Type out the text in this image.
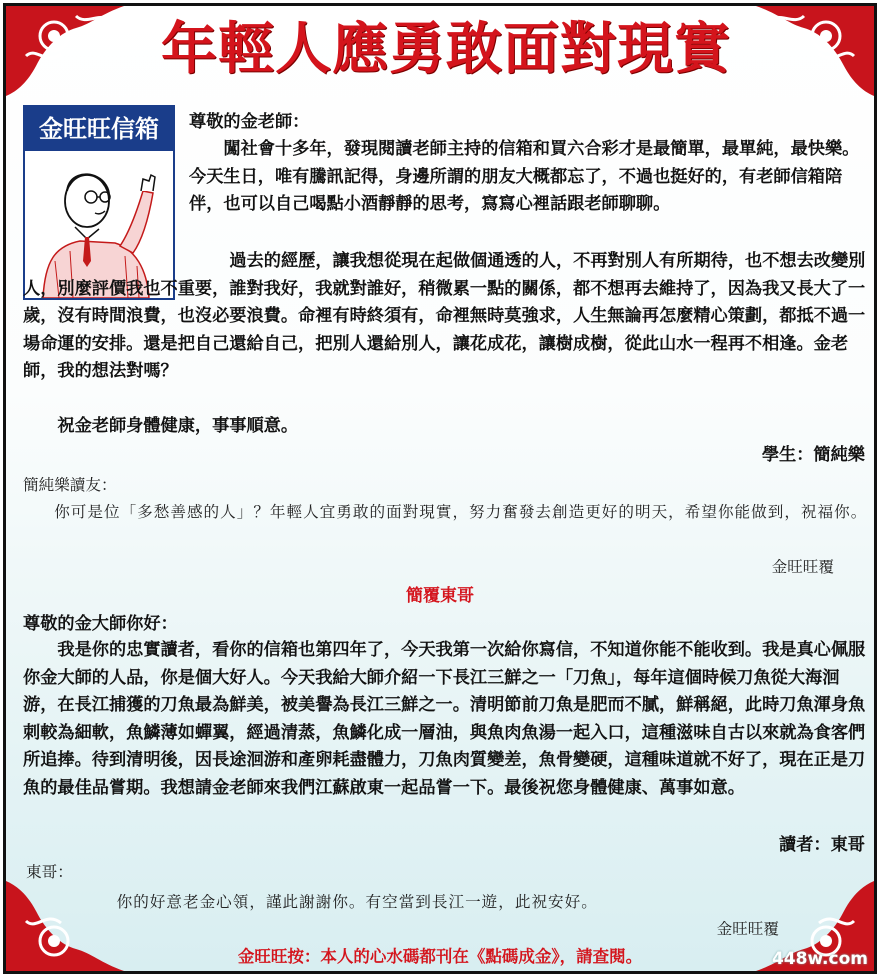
年輕人應勇敢面對現實
金旺旺信箱	尊敬的金老師：

闖社會十多年，發現閱讀老師主持的信箱和買六合彩才是最簡單，最單純，最快樂。今天生日，唯有騰訊記得，身邊所謂的朋友大概都忘了，不過也挺好的，有老師信箱陪伴，也可以自己喝點小酒靜靜的思考，寫寫心裡話跟老師聊聊。

過去的經歷，讓我想從現在起做個通透的人，不再對別人有所期待，也不想去改變別人，別麼評價我也不重要，誰對我好，我就對誰好，稍微累一點的關係，都不想再去維持了，因為我又長大了一歲，沒有時間浪費，也沒必要浪費。命裡有時終須有，命裡無時莫強求，人生無論再怎麼精心策劃，都抵不過一場命運的安排。還是把自己還給自己，把別人還給別人，讓花成花，讓樹成樹，從此山水一程再不相逢。金老師，我的想法對嗎？

祝金老師身體健康，事事順意。

學生：簡純樂
簡純樂讀友：

你可是位「多愁善感的人」？年輕人宜勇敢的面對現實，努力奮發去創造更好的明天，希望你能做到，祝福你。

金旺旺覆
簡覆東哥
尊敬的金大師你好：

我是你的忠實讀者，看你的信箱也第四年了，今天我第一次給你寫信，不知道你能不能收到。我是真心佩服你金大師的人品，你是個大好人。今天我給大師介紹一下長江三鮮之一「刀魚」，每年這個時候刀魚從大海洄游，在長江捕獲的刀魚最為鮮美，被美譽為長江三鮮之一。清明節前刀魚是肥而不膩，鮮稱絕，此時刀魚渾身魚刺較為細軟，魚鱗薄如蟬翼，經過清蒸，魚鱗化成一層油，與魚肉魚湯一起入口，這種滋味自古以來就為食客們所追捧。待到清明後，因長途洄游和產卵耗盡體力，刀魚肉質變差，魚骨變硬，這種味道就不好了，現在正是刀魚的最佳品嘗期。我想請金老師來我們江蘇啟東一起品嘗一下。最後祝您身體健康、萬事如意。

讀者：東哥
東哥：

你的好意老金心領，謹此謝謝你。有空當到長江一遊，此祝安好。

金旺旺覆
金旺旺按：本人的心水碼都刊在《點碼成金》，請查閱。	448w.com
